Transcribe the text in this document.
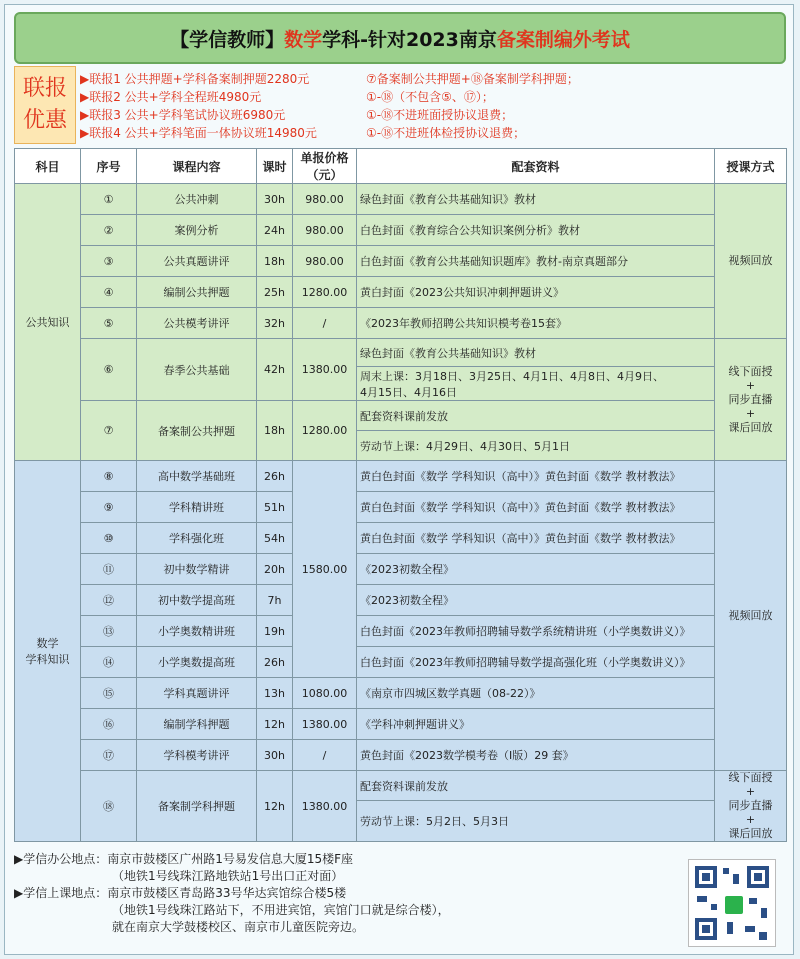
【学信教师】 数学 学科-针对2023南京 备案制编外考试
联报
优惠
▶联报1 公共押题+学科备案制押题2280元
▶联报2 公共+学科全程班4980元
▶联报3 公共+学科笔试协议班6980元
▶联报4 公共+学科笔面一体协议班14980元
⑦备案制公共押题+⑱备案制学科押题；
①-⑱（不包含⑤、⑰）；
①-⑱不进班面授协议退费；
①-⑱不进班体检授协议退费；
科目	序号	课程内容	课时	单报价格（元）	配套资料	授课方式
公共知识	①	公共冲刺	30h	980.00	绿色封面《教育公共基础知识》教材	视频回放
	②	案例分析	24h	980.00	白色封面《教育综合公共知识案例分析》教材	
	③	公共真题讲评	18h	980.00	白色封面《教育公共基础知识题库》教材-南京真题部分	
	④	编制公共押题	25h	1280.00	黄白封面《2023公共知识冲刺押题讲义》	
	⑤	公共模考讲评	32h	/	《2023年教师招聘公共知识模考卷15套》	
	⑥	春季公共基础	42h	1380.00	绿色封面《教育公共基础知识》教材	线下面授
+
同步直播
+
课后回放

					周末上课：3月18日、3月25日、4月1日、4月8日、4月9日、
4月15日、4月16日	

	⑦	备案制公共押题	18h	1280.00	配套资料课前发放	
					劳动节上课：4月29日、4月30日、5月1日	

数学
学科知识	⑧	高中数学基础班	26h	1580.00	黄白色封面《数学 学科知识（高中）》黄色封面《数学 教材教法》	视频回放
	⑨	学科精讲班	51h		黄白色封面《数学 学科知识（高中）》黄色封面《数学 教材教法》	
	⑩	学科强化班	54h		黄白色封面《数学 学科知识（高中）》黄色封面《数学 教材教法》	
	⑪	初中数学精讲	20h		《2023初数全程》	
	⑫	初中数学提高班	7h		《2023初数全程》	
	⑬	小学奥数精讲班	19h		白色封面《2023年教师招聘辅导数学系统精讲班（小学奥数讲义）》	
	⑭	小学奥数提高班	26h		白色封面《2023年教师招聘辅导数学提高强化班（小学奥数讲义）》	
	⑮	学科真题讲评	13h	1080.00	《南京市四城区数学真题（08-22）》	
	⑯	编制学科押题	12h	1380.00	《学科冲刺押题讲义》	
	⑰	学科模考讲评	30h	/	黄色封面《2023数学模考卷（Ⅰ版）29 套》	
	⑱	备案制学科押题	12h	1380.00	配套资料课前发放	线下面授
+
同步直播
+
课后回放

					劳动节上课：5月2日、5月3日	
▶学信办公地点：南京市鼓楼区广州路1号易发信息大厦15楼F座
（地铁1号线珠江路地铁站1号出口正对面）
▶学信上课地点：南京市鼓楼区青岛路33号华达宾馆综合楼5楼
（地铁1号线珠江路站下，不用进宾馆，宾馆门口就是综合楼），
就在南京大学鼓楼校区、南京市儿童医院旁边。
